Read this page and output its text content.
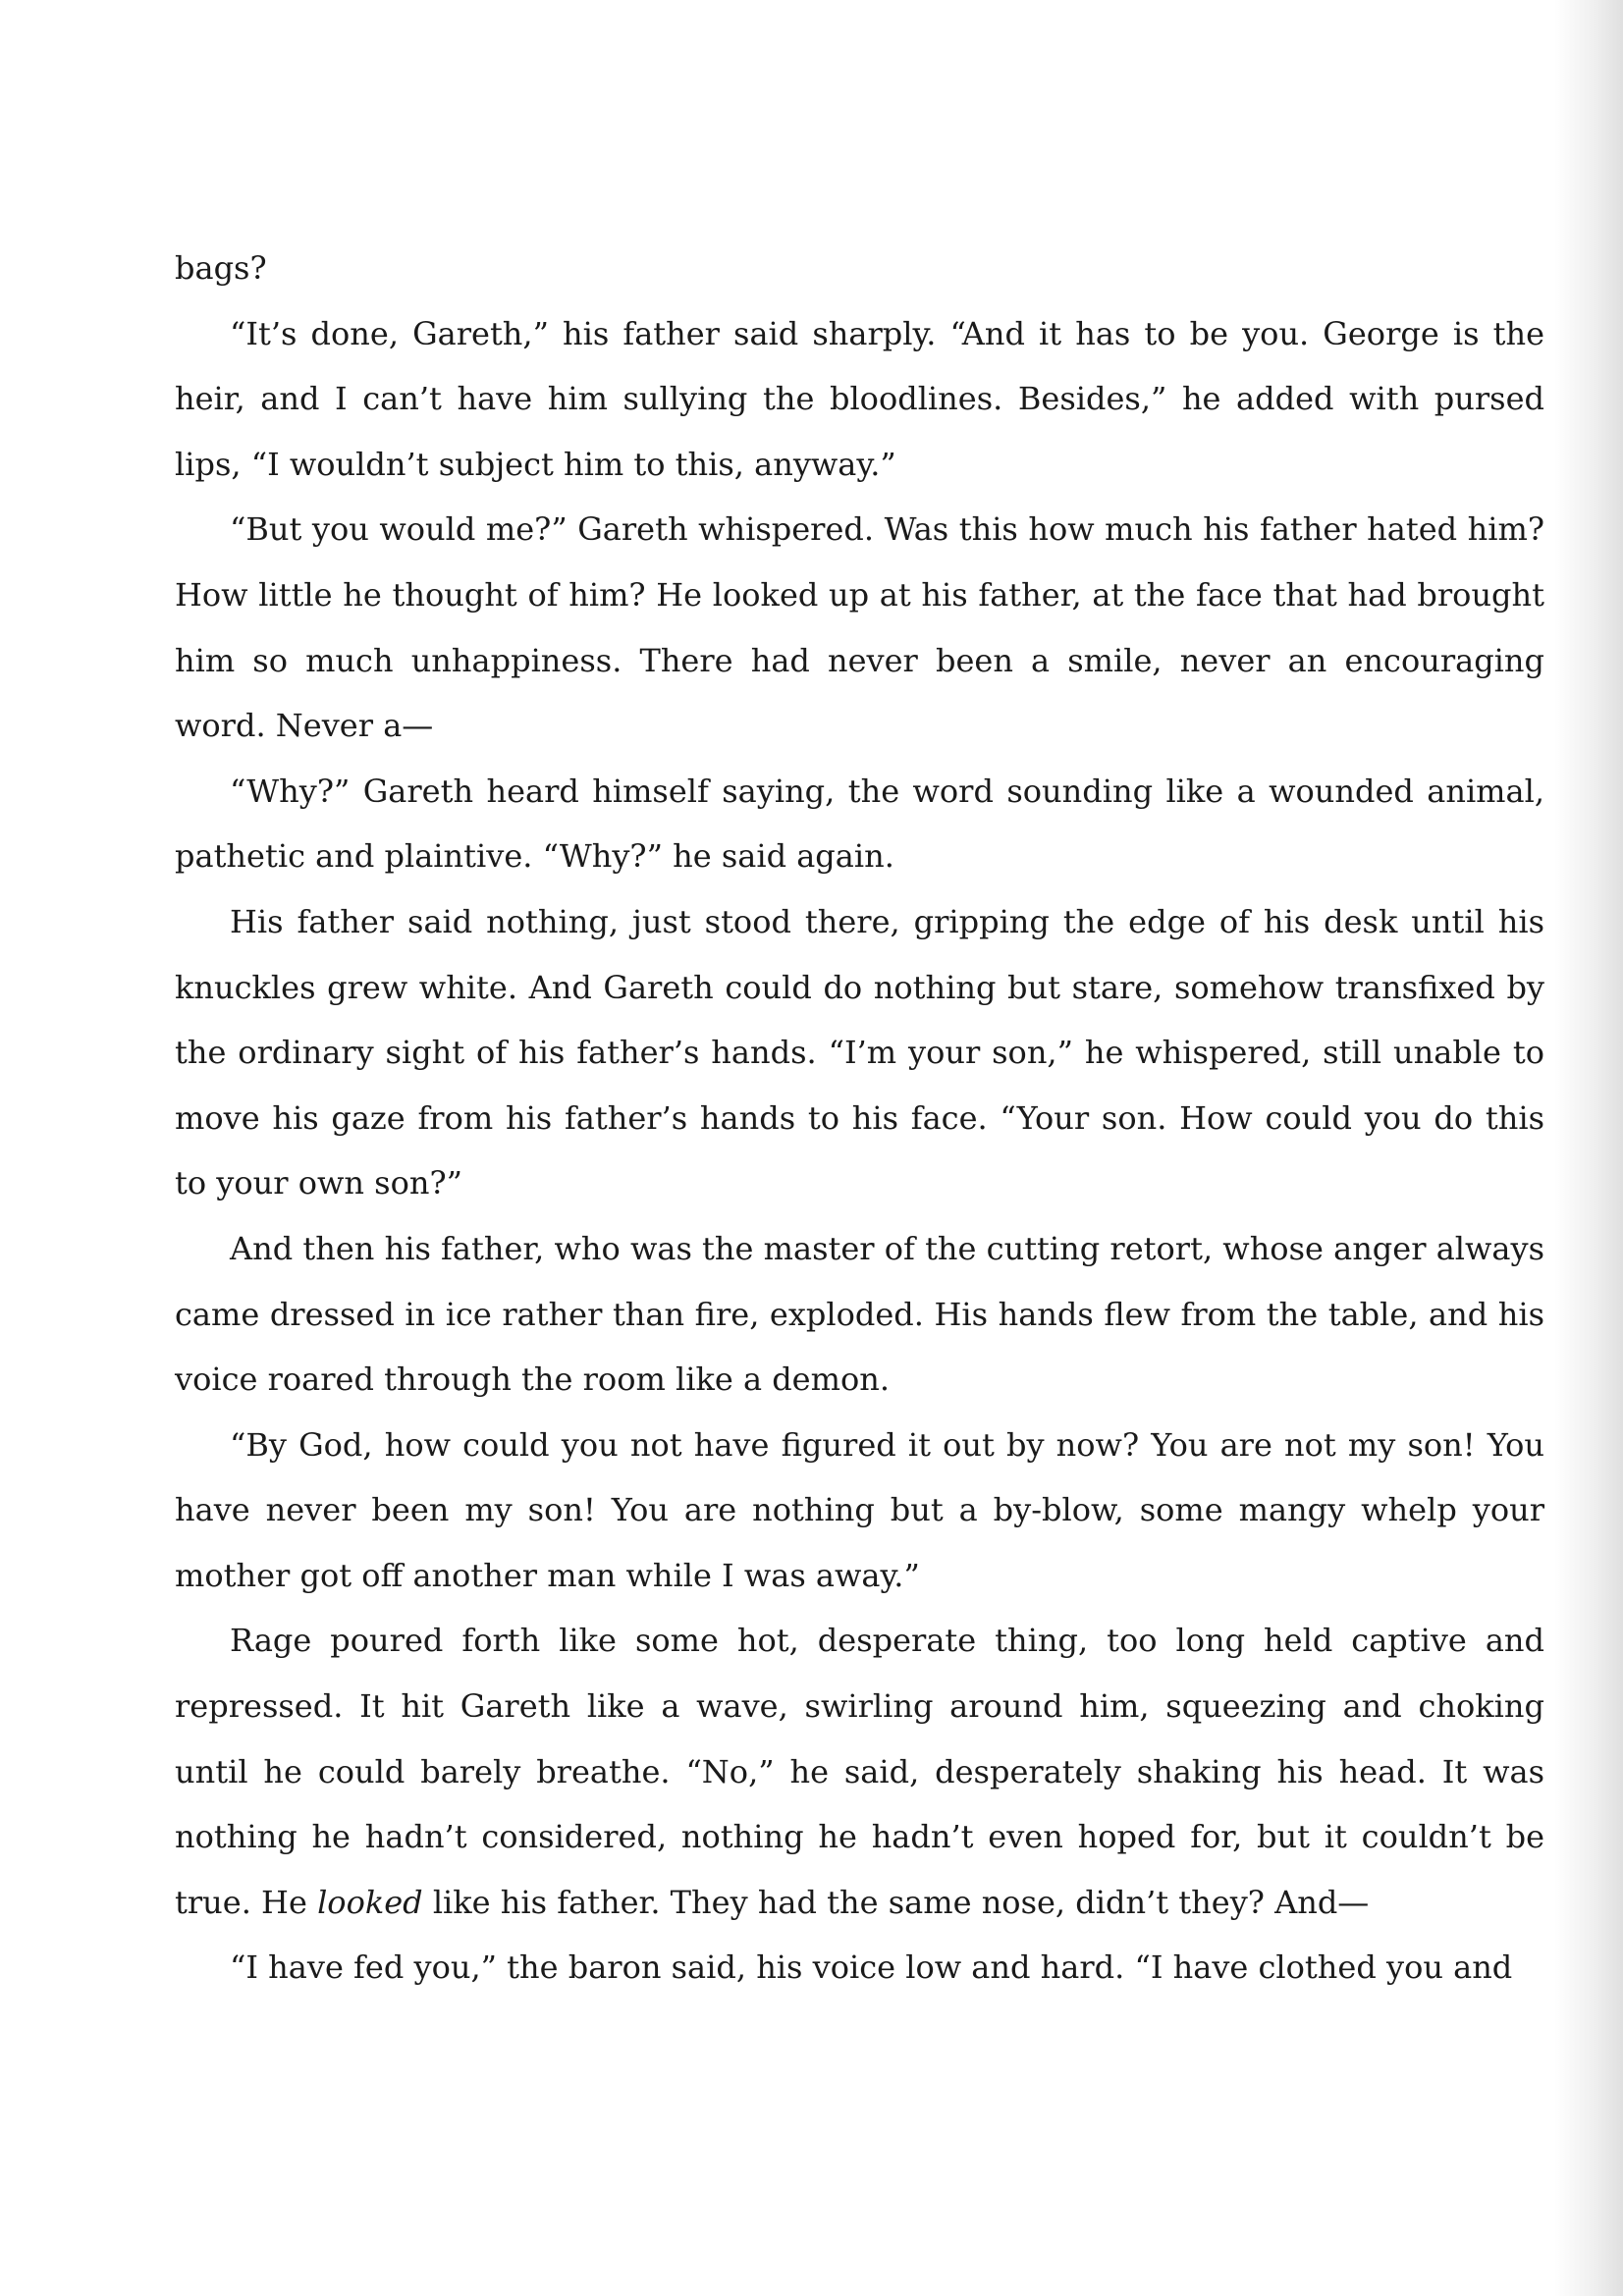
bags?

“It’s done, Gareth,” his father said sharply. “And it has to be you. George is the heir, and I can’t have him sullying the bloodlines. Besides,” he added with pursed lips, “I wouldn’t subject him to this, anyway.”

“But you would me?” Gareth whispered. Was this how much his father hated him? How little he thought of him? He looked up at his father, at the face that had brought him so much unhappiness. There had never been a smile, never an encouraging word. Never a—

“Why?” Gareth heard himself saying, the word sounding like a wounded animal, pathetic and plaintive. “Why?” he said again.

His father said nothing, just stood there, gripping the edge of his desk until his knuckles grew white. And Gareth could do nothing but stare, somehow transfixed by the ordinary sight of his father’s hands. “I’m your son,” he whispered, still unable to move his gaze from his father’s hands to his face. “Your son. How could you do this to your own son?”

And then his father, who was the master of the cutting retort, whose anger always came dressed in ice rather than fire, exploded. His hands flew from the table, and his voice roared through the room like a demon.

“By God, how could you not have figured it out by now? You are not my son! You have never been my son! You are nothing but a by-blow, some mangy whelp your mother got off another man while I was away.”

Rage poured forth like some hot, desperate thing, too long held captive and repressed. It hit Gareth like a wave, swirling around him, squeezing and choking until he could barely breathe. “No,” he said, desperately shaking his head. It was nothing he hadn’t considered, nothing he hadn’t even hoped for, but it couldn’t be true. He looked like his father. They had the same nose, didn’t they? And—

“I have fed you,” the baron said, his voice low and hard. “I have clothed you and
